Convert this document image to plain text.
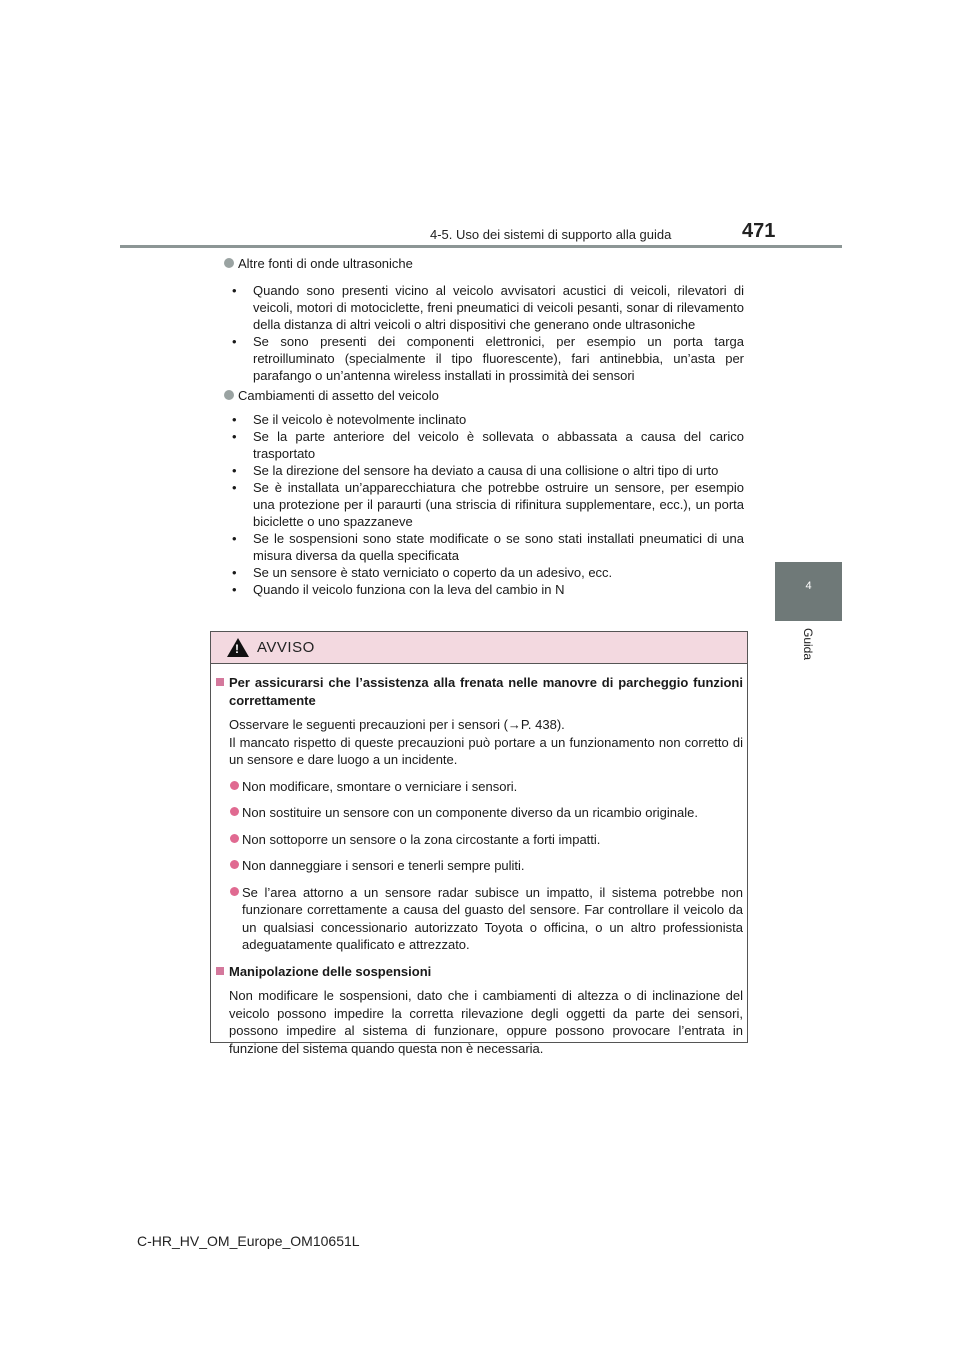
4-5. Uso dei sistemi di supporto alla guida	471
4
Guida

Altre fonti di onde ultrasoniche

• Quando sono presenti vicino al veicolo avvisatori acustici di veicoli, rilevatori di veicoli, motori di motociclette, freni pneumatici di veicoli pesanti, sonar di rilevamento della distanza di altri veicoli o altri dispositivi che generano onde ultrasoniche
• Se sono presenti dei componenti elettronici, per esempio un porta targa retroilluminato (specialmente il tipo fluorescente), fari antinebbia, un’asta per parafango o un’antenna wireless installati in prossimità dei sensori

Cambiamenti di assetto del veicolo

• Se il veicolo è notevolmente inclinato
• Se la parte anteriore del veicolo è sollevata o abbassata a causa del carico trasportato
• Se la direzione del sensore ha deviato a causa di una collisione o altri tipo di urto
• Se è installata un’apparecchiatura che potrebbe ostruire un sensore, per esempio una protezione per il paraurti (una striscia di rifinitura supplementare, ecc.), un porta biciclette o uno spazzaneve
• Se le sospensioni sono state modificate o se sono stati installati pneumatici di una misura diversa da quella specificata
• Se un sensore è stato verniciato o coperto da un adesivo, ecc.
• Quando il veicolo funziona con la leva del cambio in N
!
AVVISO

Per assicurarsi che l’assistenza alla frenata nelle manovre di parcheggio funzioni correttamente

Osservare le seguenti precauzioni per i sensori (→P. 438).
Il mancato rispetto di queste precauzioni può portare a un funzionamento non corretto di un sensore e dare luogo a un incidente.

Non modificare, smontare o verniciare i sensori.

Non sostituire un sensore con un componente diverso da un ricambio originale.

Non sottoporre un sensore o la zona circostante a forti impatti.

Non danneggiare i sensori e tenerli sempre puliti.

Se l’area attorno a un sensore radar subisce un impatto, il sistema potrebbe non funzionare correttamente a causa del guasto del sensore. Far controllare il veicolo da un qualsiasi concessionario autorizzato Toyota o officina, o un altro professionista adeguatamente qualificato e attrezzato.

Manipolazione delle sospensioni

Non modificare le sospensioni, dato che i cambiamenti di altezza o di inclinazione del veicolo possono impedire la corretta rilevazione degli oggetti da parte dei sensori, possono impedire al sistema di funzionare, oppure possono provocare l’entrata in funzione del sistema quando questa non è necessaria.

C-HR_HV_OM_Europe_OM10651L
